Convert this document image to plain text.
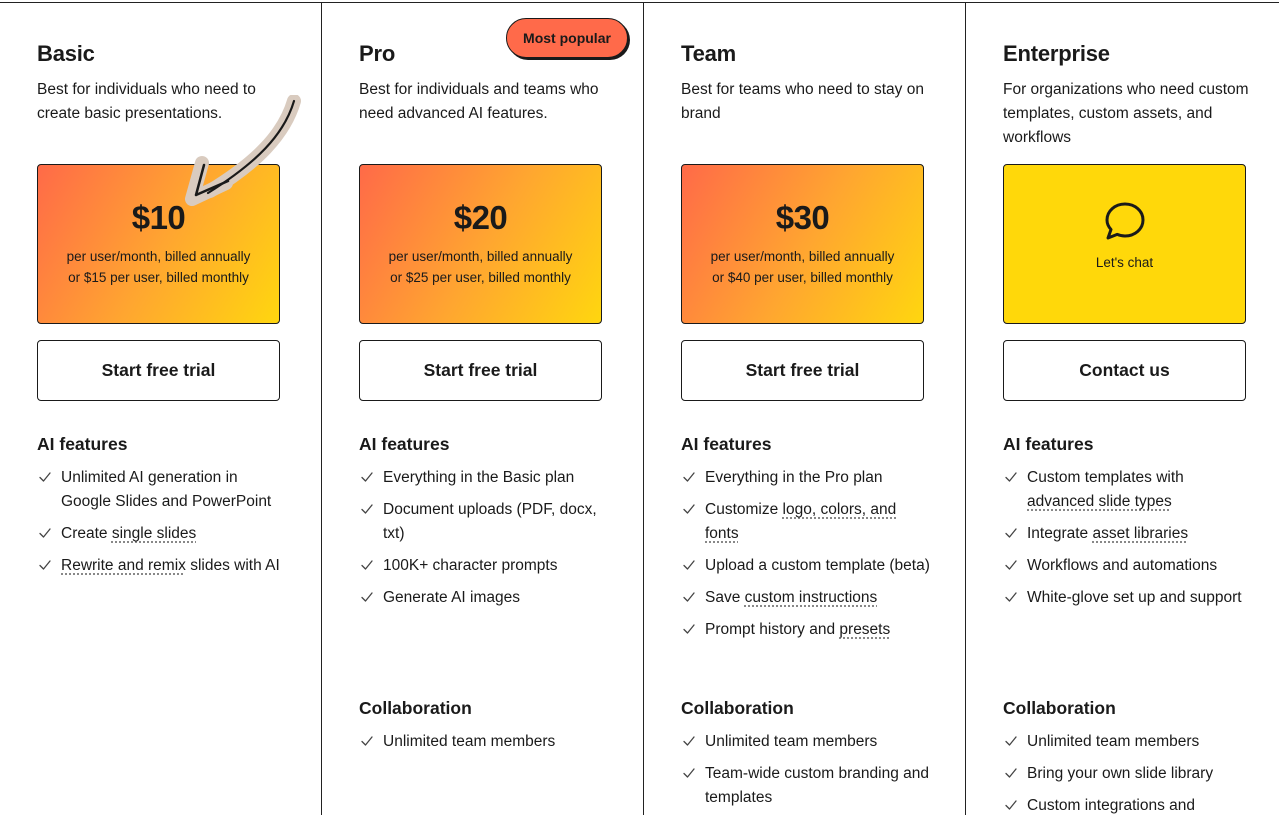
Basic

Best for individuals who need to create basic presentations.

$10
per user/month, billed annually
or $15 per user, billed monthly
Start free trial
AI features
Unlimited AI generation in Google Slides and PowerPoint
Create single slides
Rewrite and remix slides with AI
Pro
Most popular

Best for individuals and teams who need advanced AI features.

$20
per user/month, billed annually
or $25 per user, billed monthly
Start free trial
AI features
Everything in the Basic plan
Document uploads (PDF, docx, txt)
100K+ character prompts
Generate AI images
Collaboration
Unlimited team members
Team

Best for teams who need to stay on brand

$30
per user/month, billed annually
or $40 per user, billed monthly
Start free trial
AI features
Everything in the Pro plan
Customize logo, colors, and fonts
Upload a custom template (beta)
Save custom instructions
Prompt history and presets
Collaboration
Unlimited team members
Team-wide custom branding and templates
Enterprise

For organizations who need custom templates, custom assets, and workflows

Let's chat
Contact us
AI features
Custom templates with advanced slide types
Integrate asset libraries
Workflows and automations
White-glove set up and support
Collaboration
Unlimited team members
Bring your own slide library
Custom integrations and
